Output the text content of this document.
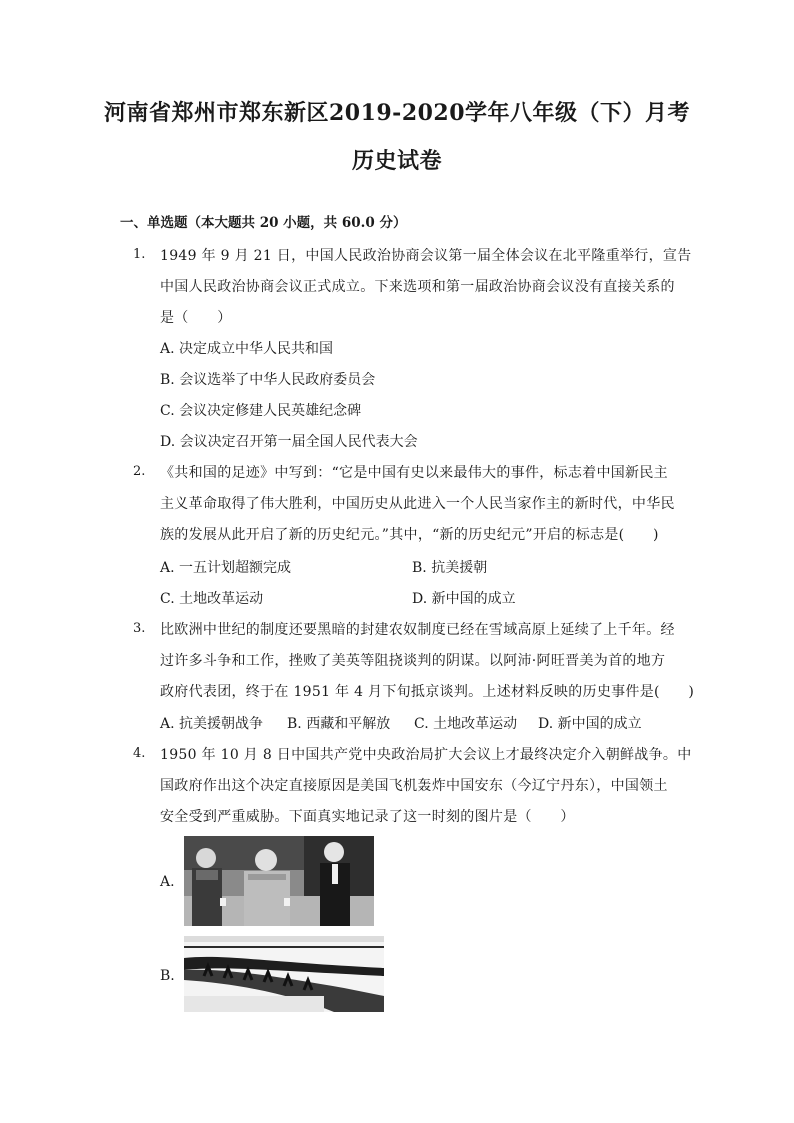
河南省郑州市郑东新区2019-2020学年八年级（下）月考
历史试卷
一、单选题（本大题共 20 小题，共 60.0 分）
1. 1949 年 9 月 21 日，中国人民政治协商会议第一届全体会议在北平隆重举行，宣告
中国人民政治协商会议正式成立。下来选项和第一届政治协商会议没有直接关系的
是（　　）
A. 决定成立中华人民共和国
B. 会议选举了中华人民政府委员会
C. 会议决定修建人民英雄纪念碑
D. 会议决定召开第一届全国人民代表大会
2. 《共和国的足迹》中写到：“它是中国有史以来最伟大的事件，标志着中国新民主
主义革命取得了伟大胜利，中国历史从此进入一个人民当家作主的新时代，中华民
族的发展从此开启了新的历史纪元。”其中，“新的历史纪元”开启的标志是(　　)
A. 一五计划超额完成	B. 抗美援朝
C. 土地改革运动	D. 新中国的成立
3. 比欧洲中世纪的制度还要黑暗的封建农奴制度已经在雪域高原上延续了上千年。经
过许多斗争和工作，挫败了美英等阻挠谈判的阴谋。以阿沛·阿旺晋美为首的地方
政府代表团，终于在 1951 年 4 月下旬抵京谈判。上述材料反映的历史事件是(　　)
A. 抗美援朝战争 B. 西藏和平解放 C. 土地改革运动 D. 新中国的成立
4. 1950 年 10 月 8 日中国共产党中央政治局扩大会议上才最终决定介入朝鲜战争。中
国政府作出这个决定直接原因是美国飞机轰炸中国安东（今辽宁丹东），中国领土
安全受到严重威胁。下面真实地记录了这一时刻的图片是（　　）
A.
B.
